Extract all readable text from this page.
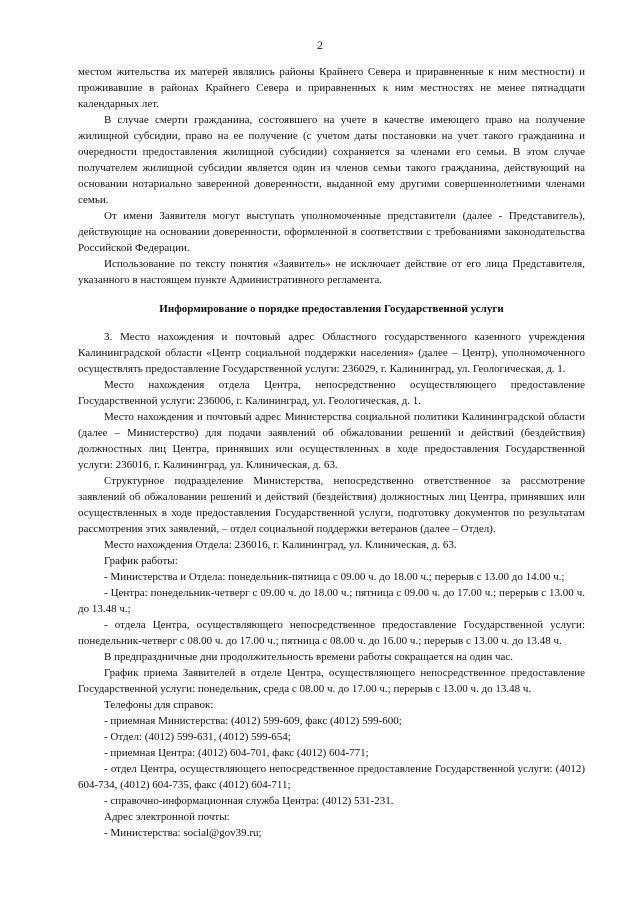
2

местом жительства их матерей являлись районы Крайнего Севера и приравненные к ним местности) и проживавшие в районах Крайнего Севера и приравненных к ним местностях не менее пятнадцати календарных лет.

В случае смерти гражданина, состоявшего на учете в качестве имеющего право на получение жилищной субсидии, право на ее получение (с учетом даты постановки на учет такого гражданина и очередности предоставления жилищной субсидии) сохраняется за членами его семьи. В этом случае получателем жилищной субсидии является один из членов семьи такого гражданина, действующий на основании нотариально заверенной доверенности, выданной ему другими совершеннолетними членами семьи.

От имени Заявителя могут выступать уполномоченные представители (далее - Представитель), действующие на основании доверенности, оформленной в соответствии с требованиями законодательства Российской Федерации.

Использование по тексту понятия «Заявитель» не исключает действие от его лица Представителя, указанного в настоящем пункте Административного регламента.

Информирование о порядке предоставления Государственной услуги

3. Место нахождения и почтовый адрес Областного государственного казенного учреждения Калининградской области «Центр социальной поддержки населения» (далее – Центр), уполномоченного осуществлять предоставление Государственной услуги: 236029, г. Калининград, ул. Геологическая, д. 1.

Место нахождения отдела Центра, непосредственно осуществляющего предоставление Государственной услуги: 236006, г. Калининград, ул. Геологическая, д. 1.

Место нахождения и почтовый адрес Министерства социальной политики Калининградской области (далее – Министерство) для подачи заявлений об обжаловании решений и действий (бездействия) должностных лиц Центра, принявших или осуществленных в ходе предоставления Государственной услуги: 236016, г. Калининград, ул. Клиническая, д. 63.

Структурное подразделение Министерства, непосредственно ответственное за рассмотрение заявлений об обжаловании решений и действий (бездействия) должностных лиц Центра, принявших или осуществленных в ходе предоставления Государственной услуги, подготовку документов по результатам рассмотрения этих заявлений, – отдел социальной поддержки ветеранов (далее – Отдел).

Место нахождения Отдела: 236016, г. Калининград, ул. Клиническая, д. 63.

График работы:

- Министерства и Отдела: понедельник-пятница с 09.00 ч. до 18.00 ч.; перерыв с 13.00 до 14.00 ч.;

- Центра: понедельник-четверг с 09.00 ч. до 18.00 ч.; пятница с 09.00 ч. до 17.00 ч.; перерыв с 13.00 ч. до 13.48 ч.;

- отдела Центра, осуществляющего непосредственное предоставление Государственной услуги: понедельник-четверг с 08.00 ч. до 17.00 ч.; пятница с 08.00 ч. до 16.00 ч.; перерыв с 13.00 ч. до 13.48 ч.

В предпраздничные дни продолжительность времени работы сокращается на один час.

График приема Заявителей в отделе Центра, осуществляющего непосредственное предоставление Государственной услуги: понедельник, среда с 08.00 ч. до 17.00 ч.; перерыв с 13.00 ч. до 13.48 ч.

Телефоны для справок:

- приемная Министерства: (4012) 599-609, факс (4012) 599-600;

- Отдел: (4012) 599-631, (4012) 599-654;

- приемная Центра: (4012) 604-701, факс (4012) 604-771;

- отдел Центра, осуществляющего непосредственное предоставление Государственной услуги: (4012) 604-734, (4012) 604-735, факс (4012) 604-711;

- справочно-информационная служба Центра: (4012) 531-231.

Адрес электронной почты:

- Министерства: social@gov39.ru;
